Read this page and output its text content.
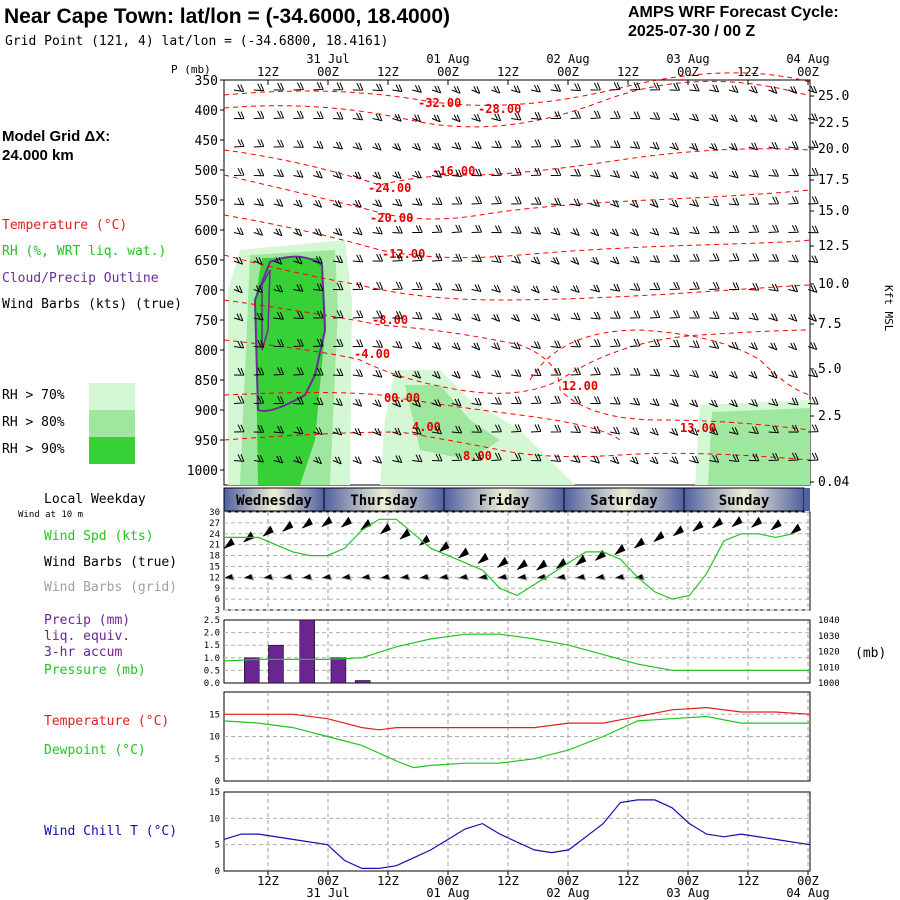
Near Cape Town: lat/lon = (-34.6000, 18.4000)
Grid Point (121, 4) lat/lon = (-34.6800, 18.4161)
AMPS WRF Forecast Cycle:
2025-07-30 / 00 Z
Model Grid ΔX:
24.000 km
Temperature (°C)
RH (%, WRT liq. wat.)
Cloud/Precip Outline
Wind Barbs (kts) (true)
RH > 70%
RH > 80%
RH > 90%
Local Weekday
Wind at 10 m
Wind Spd (kts)
Wind Barbs (true)
Wind Barbs (grid)
Precip (mm)
liq. equiv.
3-hr accum
Pressure (mb)
Temperature (°C)
Dewpoint (°C)
Wind Chill T (°C)
-32.00 -28.00
-16.00
-24.00
-20.00
-12.00
-8.00
-4.00
00.00
4.00
8.00
12.00
13.00
350
400
450
500
550
600
650
700
750
800
850
900
950
1000
P (mb)
25.0
22.5
20.0
17.5
15.0
12.5
10.0
7.5
5.0
2.5
0.04
Kft MSL
12Z	00Z	12Z	00Z	12Z	00Z	12Z	00Z	12Z	00Z
31 Jul	01 Aug	02 Aug	03 Aug	04 Aug
Wednesday	Thursday	Friday	Saturday	Sunday
3
6
9
12
15
18
21
24
27
30
0.0
0.5
1.0
1.5
2.0
2.5
1000
1010
1020
1030
1040
(mb)
0
5
10
15
0
5
10
15
12Z	00Z	12Z	00Z	12Z	00Z	12Z	00Z	12Z	00Z
31 Jul	01 Aug	02 Aug	03 Aug	04 Aug
